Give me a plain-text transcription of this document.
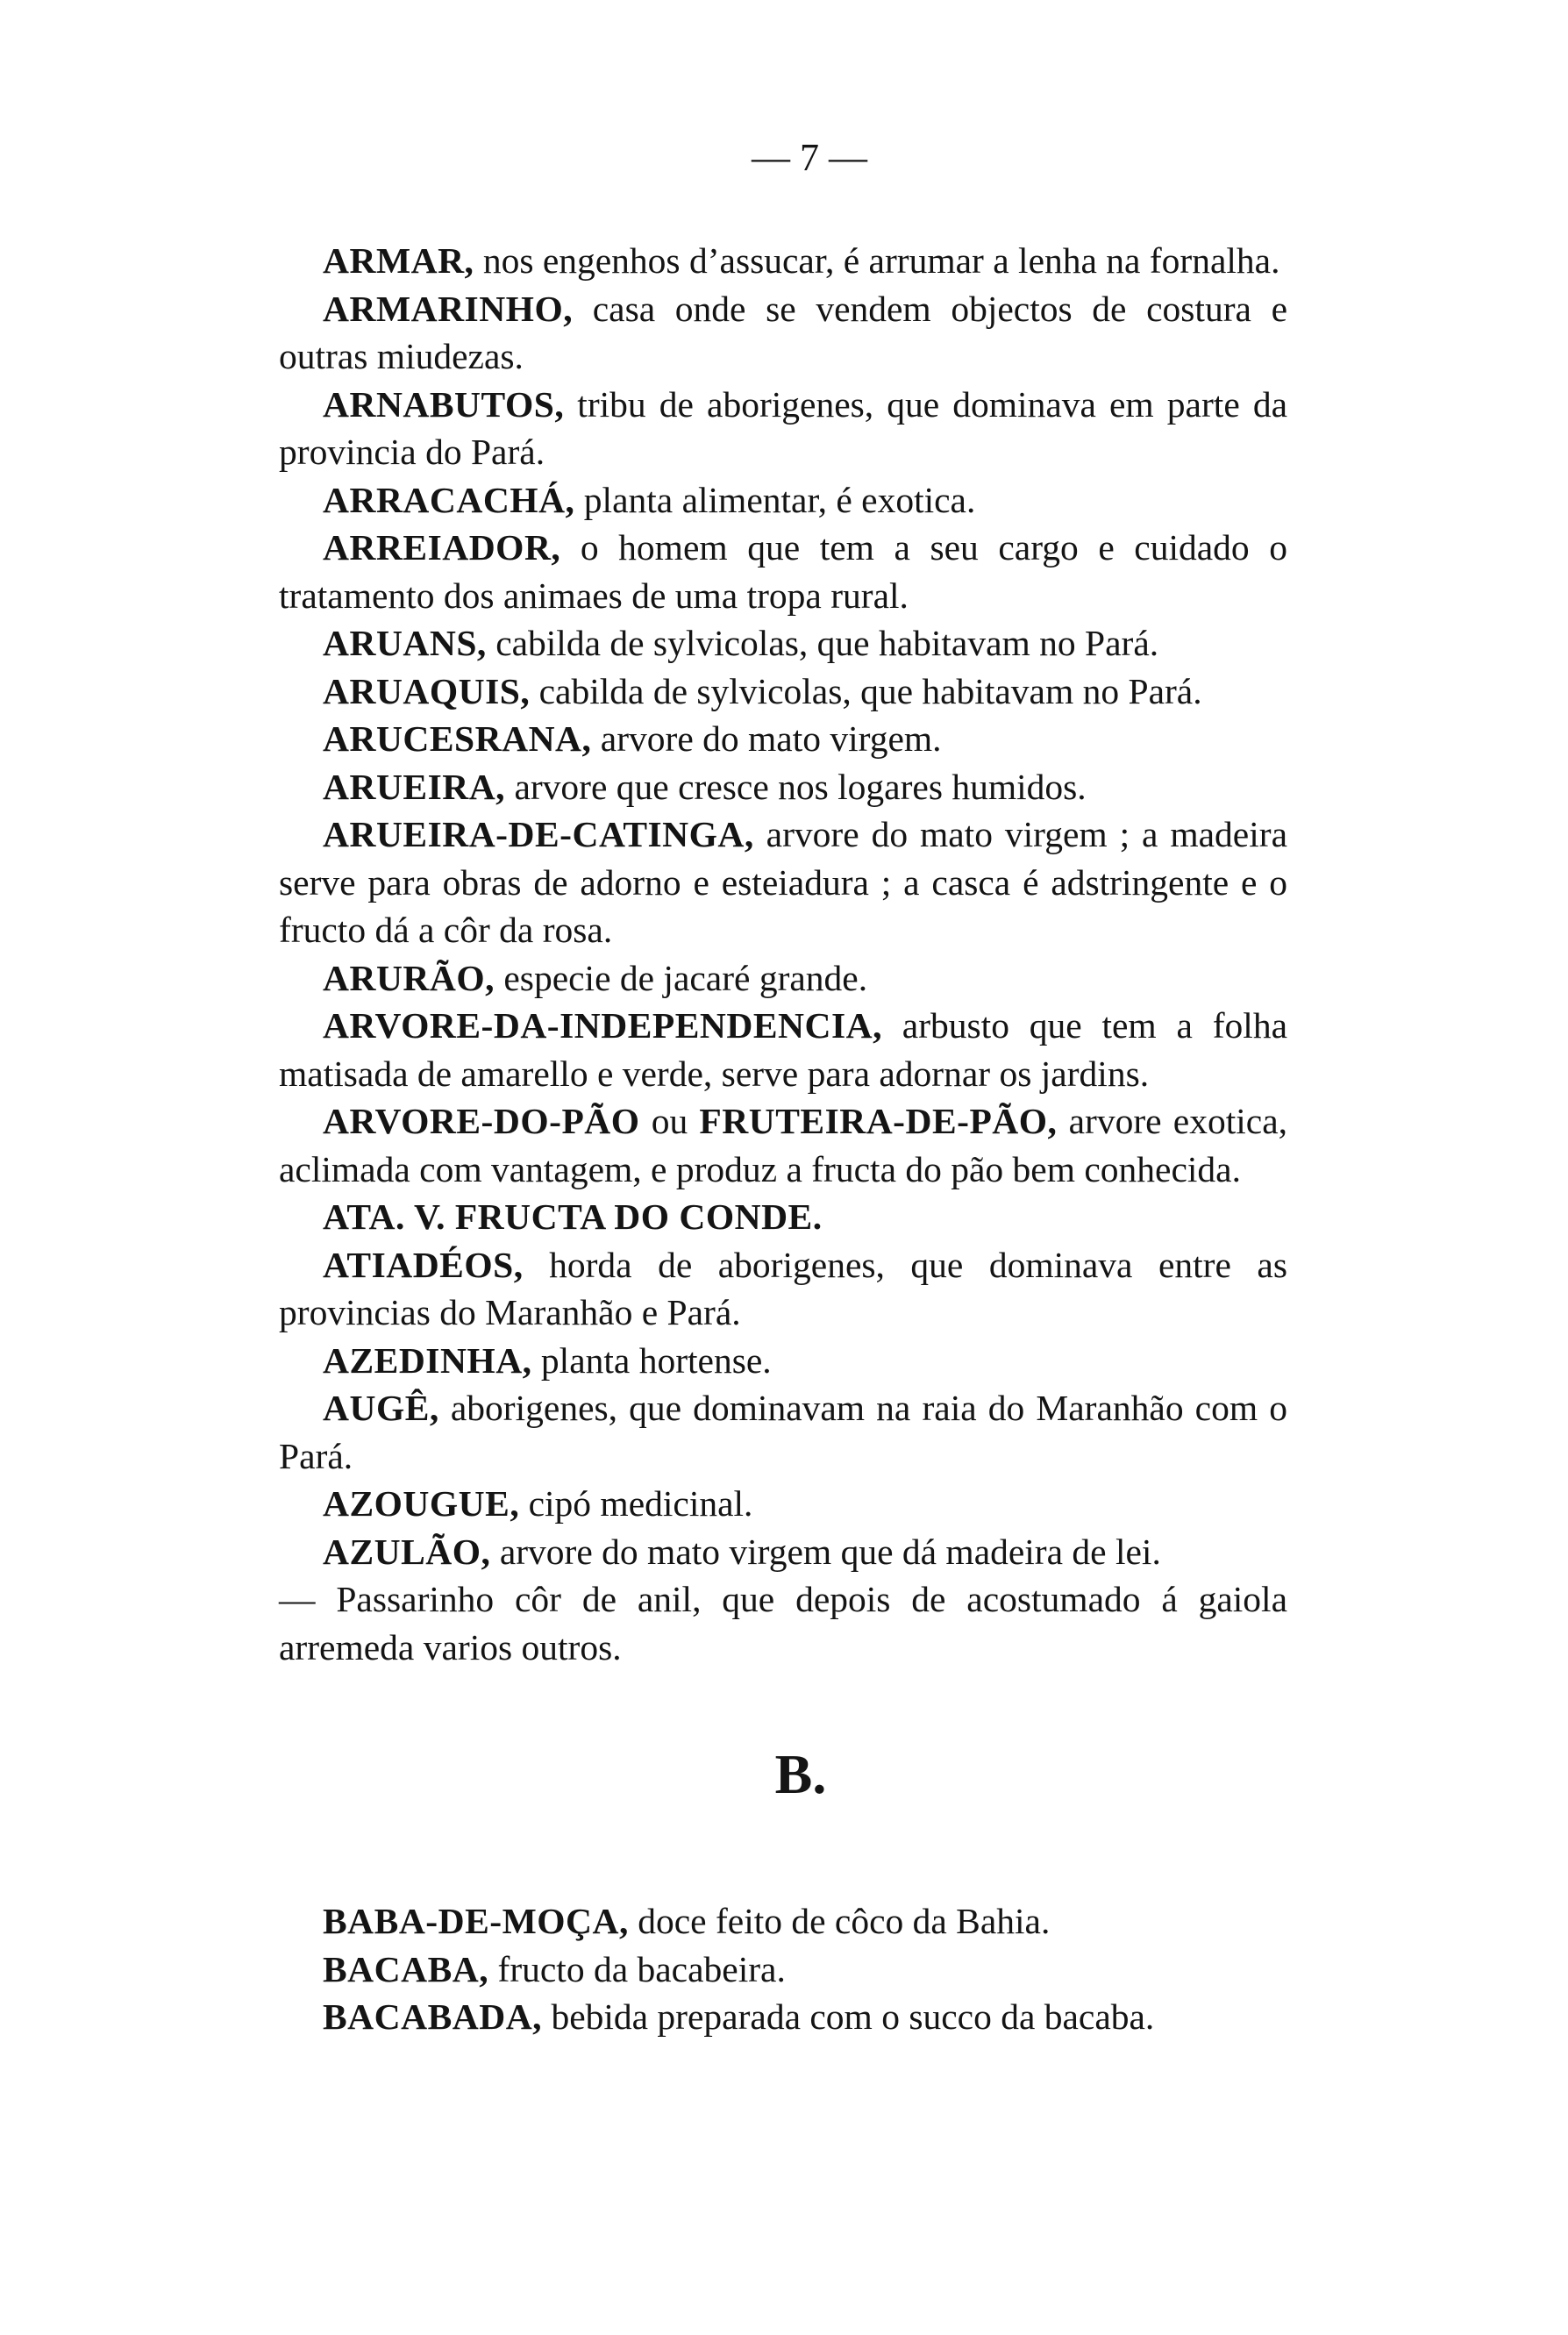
— 7 —

ARMAR, nos engenhos d’assucar, é arrumar a lenha na fornalha.

ARMARINHO, casa onde se vendem objectos de costura e outras miudezas.

ARNABUTOS, tribu de aborigenes, que dominava em parte da provincia do Pará.

ARRACACHÁ, planta alimentar, é exotica.

ARREIADOR, o homem que tem a seu cargo e cuidado o tratamento dos animaes de uma tropa rural.

ARUANS, cabilda de sylvicolas, que habitavam no Pará.

ARUAQUIS, cabilda de sylvicolas, que habitavam no Pará.

ARUCESRANA, arvore do mato virgem.

ARUEIRA, arvore que cresce nos logares humidos.

ARUEIRA-DE-CATINGA, arvore do mato virgem ; a madeira serve para obras de adorno e esteiadura ; a casca é adstringente e o fructo dá a côr da rosa.

ARURÃO, especie de jacaré grande.

ARVORE-DA-INDEPENDENCIA, arbusto que tem a folha matisada de amarello e verde, serve para adornar os jardins.

ARVORE-DO-PÃO ou FRUTEIRA-DE-PÃO, arvore exotica, aclimada com vantagem, e produz a fructa do pão bem conhecida.

ATA. V. FRUCTA DO CONDE.

ATIADÉOS, horda de aborigenes, que dominava entre as provincias do Maranhão e Pará.

AZEDINHA, planta hortense.

AUGÊ, aborigenes, que dominavam na raia do Maranhão com o Pará.

AZOUGUE, cipó medicinal.

AZULÃO, arvore do mato virgem que dá madeira de lei.

— Passarinho côr de anil, que depois de acostumado á gaiola arremeda varios outros.

B.

BABA-DE-MOÇA, doce feito de côco da Bahia.

BACABA, fructo da bacabeira.

BACABADA, bebida preparada com o succo da bacaba.
